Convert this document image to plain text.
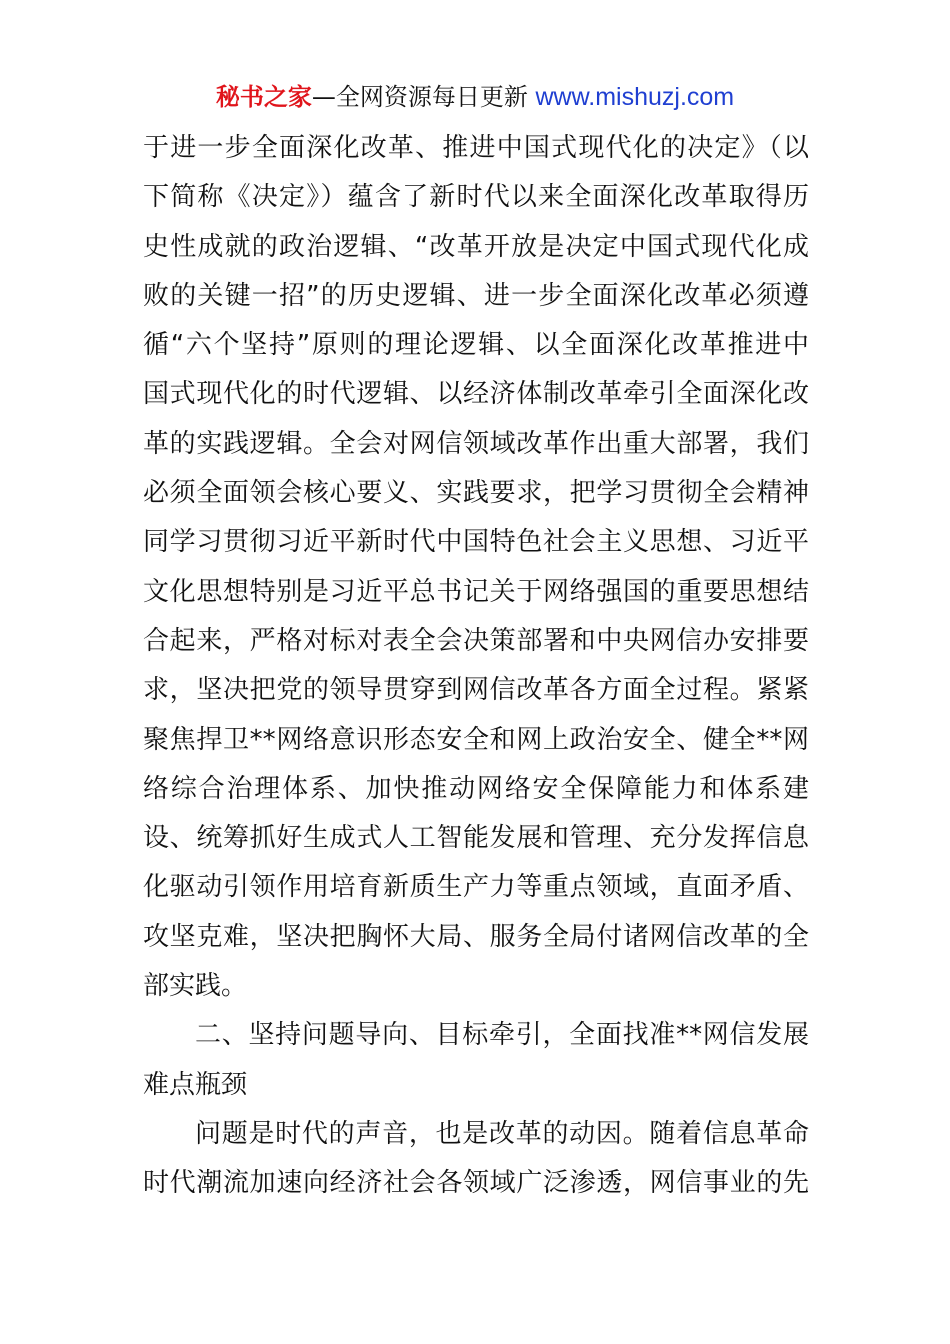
秘书之家—全网资源每日更新 www.mishuzj.com
于进一步全面深化改革、推进中国式现代化的决定》（以
下简称《决定》）蕴含了新时代以来全面深化改革取得历
史性成就的政治逻辑、“改革开放是决定中国式现代化成
败的关键一招”的历史逻辑、进一步全面深化改革必须遵
循“六个坚持”原则的理论逻辑、以全面深化改革推进中
国式现代化的时代逻辑、以经济体制改革牵引全面深化改
革的实践逻辑。全会对网信领域改革作出重大部署，我们
必须全面领会核心要义、实践要求，把学习贯彻全会精神
同学习贯彻习近平新时代中国特色社会主义思想、习近平
文化思想特别是习近平总书记关于网络强国的重要思想结
合起来，严格对标对表全会决策部署和中央网信办安排要
求，坚决把党的领导贯穿到网信改革各方面全过程。紧紧
聚焦捍卫**网络意识形态安全和网上政治安全、健全**网
络综合治理体系、加快推动网络安全保障能力和体系建
设、统筹抓好生成式人工智能发展和管理、充分发挥信息
化驱动引领作用培育新质生产力等重点领域，直面矛盾、
攻坚克难，坚决把胸怀大局、服务全局付诸网信改革的全
部实践。
二、坚持问题导向、目标牵引，全面找准**网信发展
难点瓶颈
问题是时代的声音，也是改革的动因。随着信息革命
时代潮流加速向经济社会各领域广泛渗透，网信事业的先
